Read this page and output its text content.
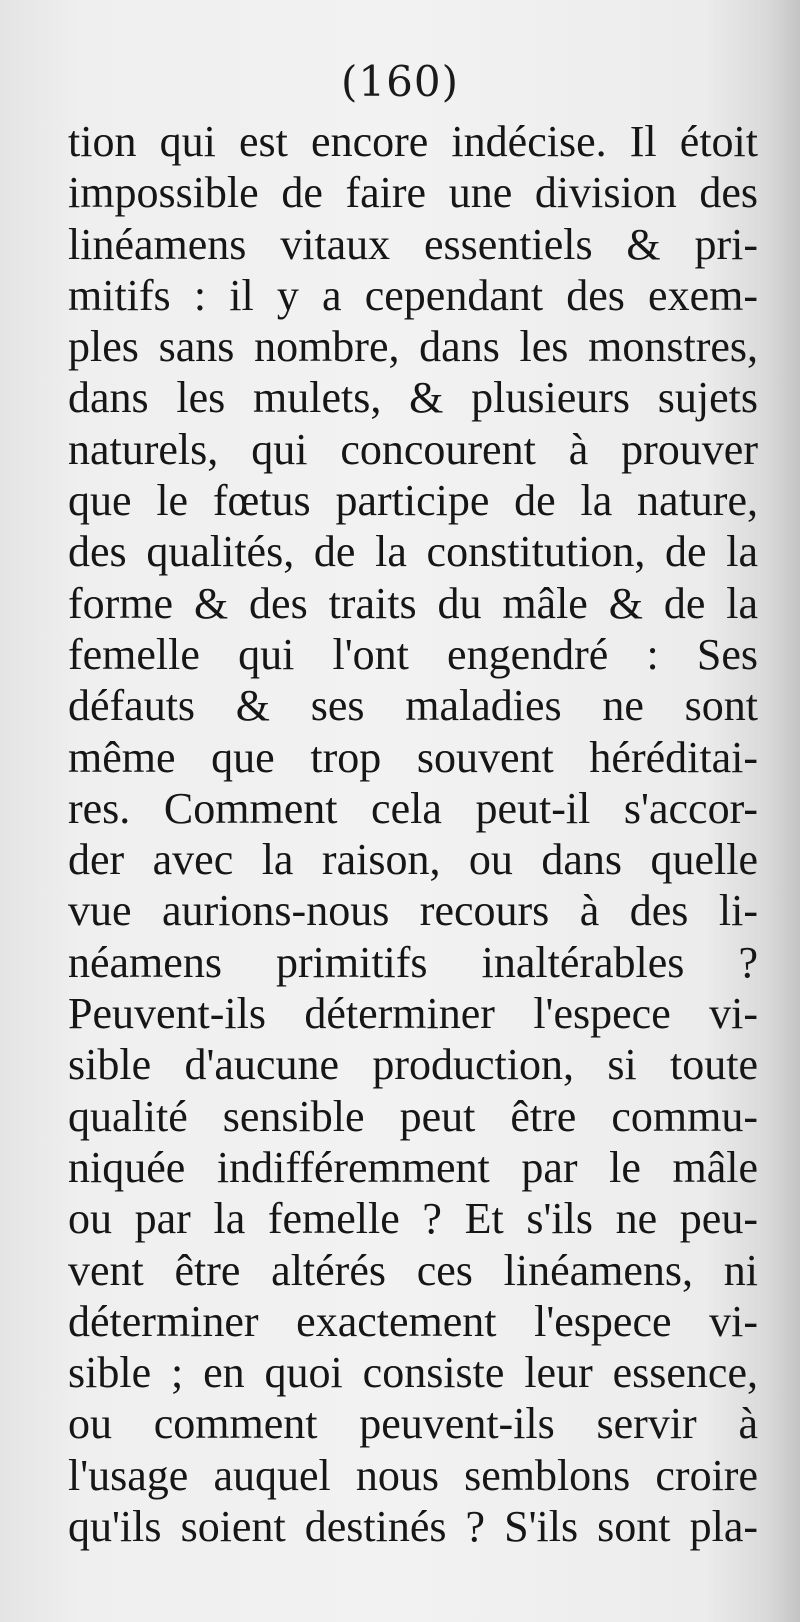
(160)
tion qui est encore indécise. Il étoit
impossible de faire une division des
linéamens vitaux essentiels & pri-
mitifs : il y a cependant des exem-
ples sans nombre, dans les monstres,
dans les mulets, & plusieurs sujets
naturels, qui concourent à prouver
que le fœtus participe de la nature,
des qualités, de la constitution, de la
forme & des traits du mâle & de la
femelle qui l'ont engendré : Ses
défauts & ses maladies ne sont
même que trop souvent héréditai-
res. Comment cela peut-il s'accor-
der avec la raison, ou dans quelle
vue aurions-nous recours à des li-
néamens primitifs inaltérables ?
Peuvent-ils déterminer l'espece vi-
sible d'aucune production, si toute
qualité sensible peut être commu-
niquée indifféremment par le mâle
ou par la femelle ? Et s'ils ne peu-
vent être altérés ces linéamens, ni
déterminer exactement l'espece vi-
sible ; en quoi consiste leur essence,
ou comment peuvent-ils servir à
l'usage auquel nous semblons croire
qu'ils soient destinés ? S'ils sont pla-
